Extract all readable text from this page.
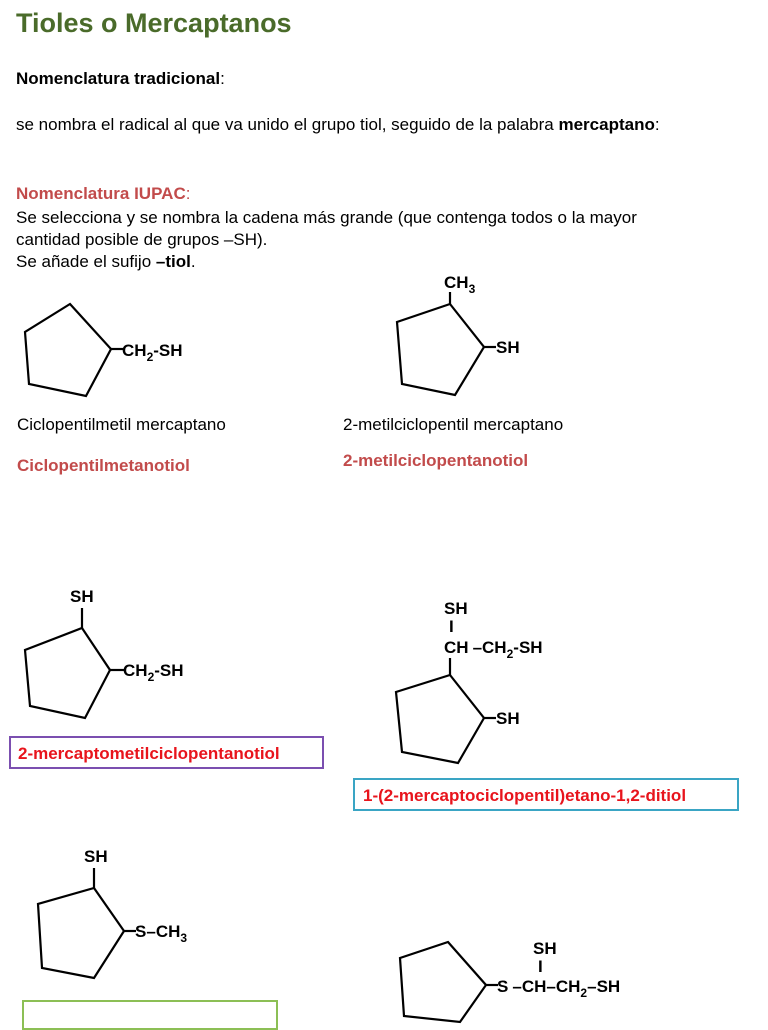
Tioles o Mercaptanos

Nomenclatura tradicional:

se nombra el radical al que va unido el grupo tiol, seguido de la palabra mercaptano:

Nomenclatura IUPAC:

Se selecciona y se nombra la cadena más grande (que contenga todos o la mayor
cantidad posible de grupos –SH).
Se añade el sufijo –tiol.
$CH_2-SH$
$CH_3$
SH
SH
$CH_2-SH$
SH
I
CH $-CH_2-SH$
SH
SH
$S-CH_3$
SH
I
S $-CH-CH_2-SH$
Ciclopentilmetil mercaptano
Ciclopentilmetanotiol
2-metilciclopentil mercaptano
2-metilciclopentanotiol
2-mercaptometilciclopentanotiol
1-(2-mercaptociclopentil)etano-1,2-ditiol
